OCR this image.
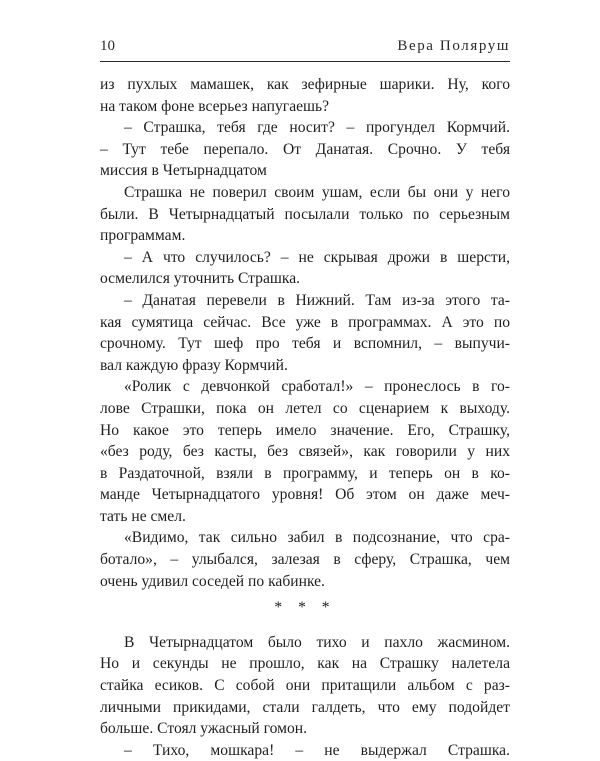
10	Вера Поляруш
из пухлых мамашек, как зефирные шарики. Ну, кого
на таком фоне всерьез напугаешь?
– Страшка, тебя где носит? – прогундел Кормчий.
– Тут тебе перепало. От Данатая. Срочно. У тебя
миссия в Четырнадцатом
Страшка не поверил своим ушам, если бы они у него
были. В Четырнадцатый посылали только по серьезным
программам.
– А что случилось? – не скрывая дрожи в шерсти,
осмелился уточнить Страшка.
– Данатая перевели в Нижний. Там из-за этого та-
кая сумятица сейчас. Все уже в программах. А это по
срочному. Тут шеф про тебя и вспомнил, – выпучи-
вал каждую фразу Кормчий.
«Ролик с девчонкой сработал!» – пронеслось в го-
лове Страшки, пока он летел со сценарием к выходу.
Но какое это теперь имело значение. Его, Страшку,
«без роду, без касты, без связей», как говорили у них
в Раздаточной, взяли в программу, и теперь он в ко-
манде Четырнадцатого уровня! Об этом он даже меч-
тать не смел.
«Видимо, так сильно забил в подсознание, что сра-
ботало», – улыбался, залезая в сферу, Страшка, чем
очень удивил соседей по кабинке.
* * *
В Четырнадцатом было тихо и пахло жасмином.
Но и секунды не прошло, как на Страшку налетела
стайка есиков. С собой они притащили альбом с раз-
личными прикидами, стали галдеть, что ему подойдет
больше. Стоял ужасный гомон.
– Тихо, мошкара! – не выдержал Страшка.
